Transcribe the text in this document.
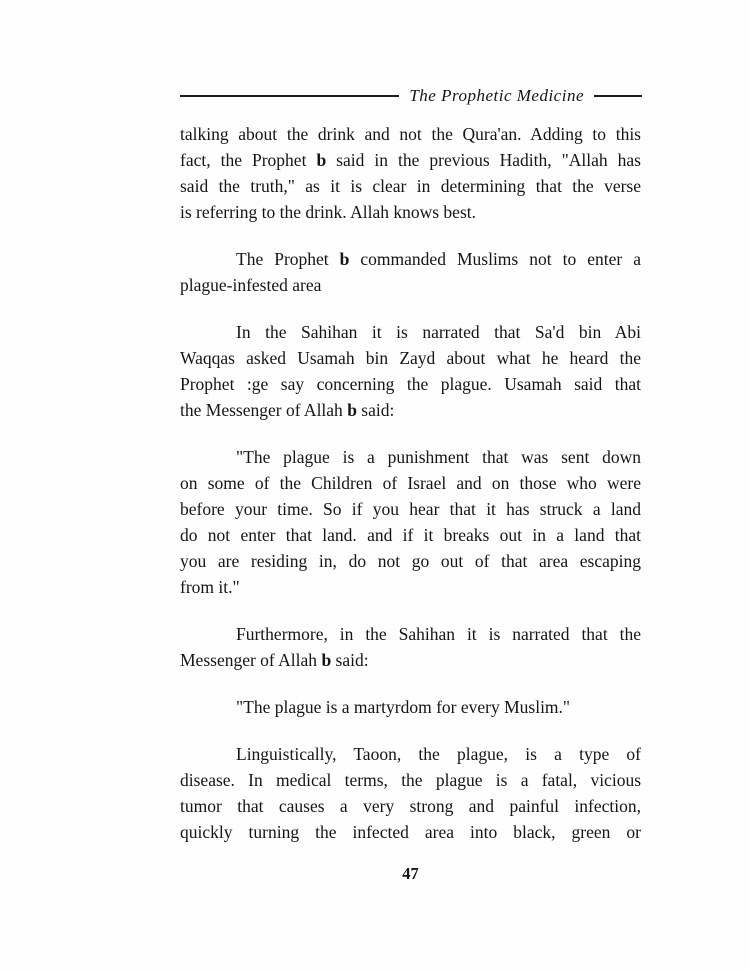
The Prophetic Medicine
talking about the drink and not the Qura'an. Adding to this
fact, the Prophet b said in the previous Hadith, "Allah has
said the truth," as it is clear in determining that the verse
is referring to the drink. Allah knows best.
The Prophet b commanded Muslims not to enter a
plague-infested area
In the Sahihan it is narrated that Sa'd bin Abi
Waqqas asked Usamah bin Zayd about what he heard the
Prophet :ge say concerning the plague. Usamah said that
the Messenger of Allah b said:
"The plague is a punishment that was sent down
on some of the Children of Israel and on those who were
before your time. So if you hear that it has struck a land
do not enter that land. and if it breaks out in a land that
you are residing in, do not go out of that area escaping
from it."
Furthermore, in the Sahihan it is narrated that the
Messenger of Allah b said:
"The plague is a martyrdom for every Muslim."
Linguistically, Taoon, the plague, is a type of
disease. In medical terms, the plague is a fatal, vicious
tumor that causes a very strong and painful infection,
quickly turning the infected area into black, green or
47
